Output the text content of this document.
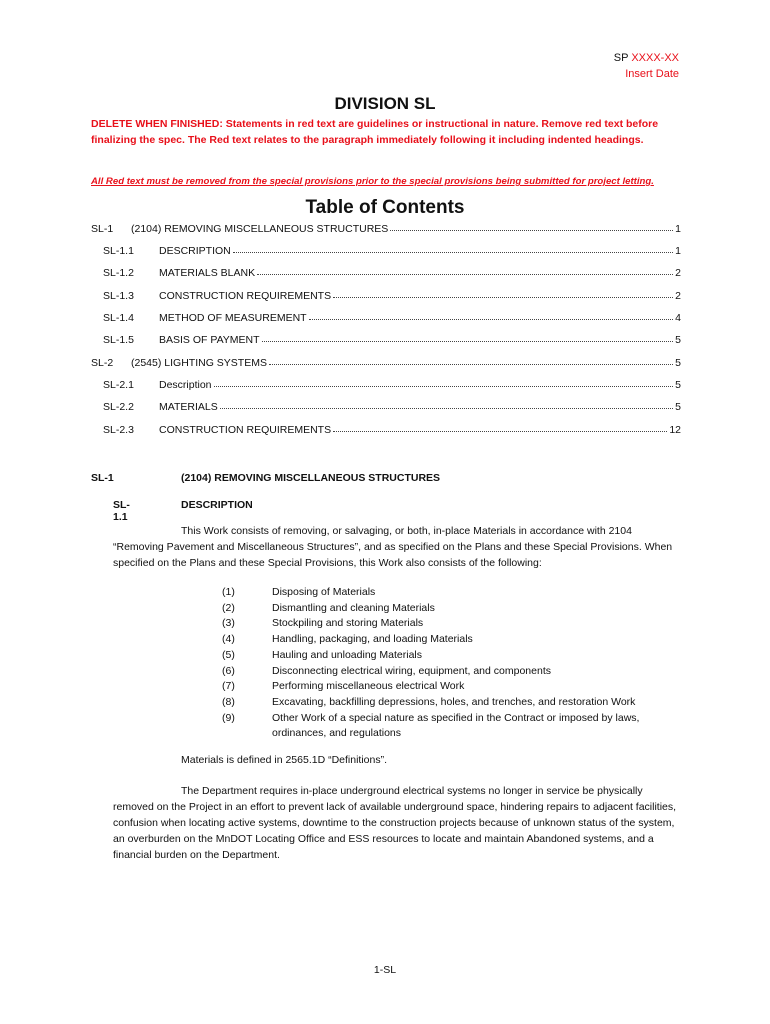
SP XXXX-XX
Insert Date
DIVISION SL
DELETE WHEN FINISHED: Statements in red text are guidelines or instructional in nature. Remove red text before finalizing the spec. The Red text relates to the paragraph immediately following it including indented headings.
All Red text must be removed from the special provisions prior to the special provisions being submitted for project letting.
Table of Contents
SL-1	(2104) REMOVING MISCELLANEOUS STRUCTURES	1
SL-1.1	DESCRIPTION	1
SL-1.2	MATERIALS BLANK	2
SL-1.3	CONSTRUCTION REQUIREMENTS	2
SL-1.4	METHOD OF MEASUREMENT	4
SL-1.5	BASIS OF PAYMENT	5
SL-2	(2545) LIGHTING SYSTEMS	5
SL-2.1	Description	5
SL-2.2	MATERIALS	5
SL-2.3	CONSTRUCTION REQUIREMENTS	12
SL-1	(2104) REMOVING MISCELLANEOUS STRUCTURES
SL-1.1
DESCRIPTION
This Work consists of removing, or salvaging, or both, in-place Materials in accordance with 2104 “Removing Pavement and Miscellaneous Structures”, and as specified on the Plans and these Special Provisions. When specified on the Plans and these Special Provisions, this Work also consists of the following:
(1)	Disposing of Materials
(2)	Dismantling and cleaning Materials
(3)	Stockpiling and storing Materials
(4)	Handling, packaging, and loading Materials
(5)	Hauling and unloading Materials
(6)	Disconnecting electrical wiring, equipment, and components
(7)	Performing miscellaneous electrical Work
(8)	Excavating, backfilling depressions, holes, and trenches, and restoration Work
(9)	Other Work of a special nature as specified in the Contract or imposed by laws, ordinances, and regulations
Materials is defined in 2565.1D “Definitions”.
The Department requires in-place underground electrical systems no longer in service be physically removed on the Project in an effort to prevent lack of available underground space, hindering repairs to adjacent facilities, confusion when locating active systems, downtime to the construction projects because of unknown status of the system, an overburden on the MnDOT Locating Office and ESS resources to locate and maintain Abandoned systems, and a financial burden on the Department.
1-SL
